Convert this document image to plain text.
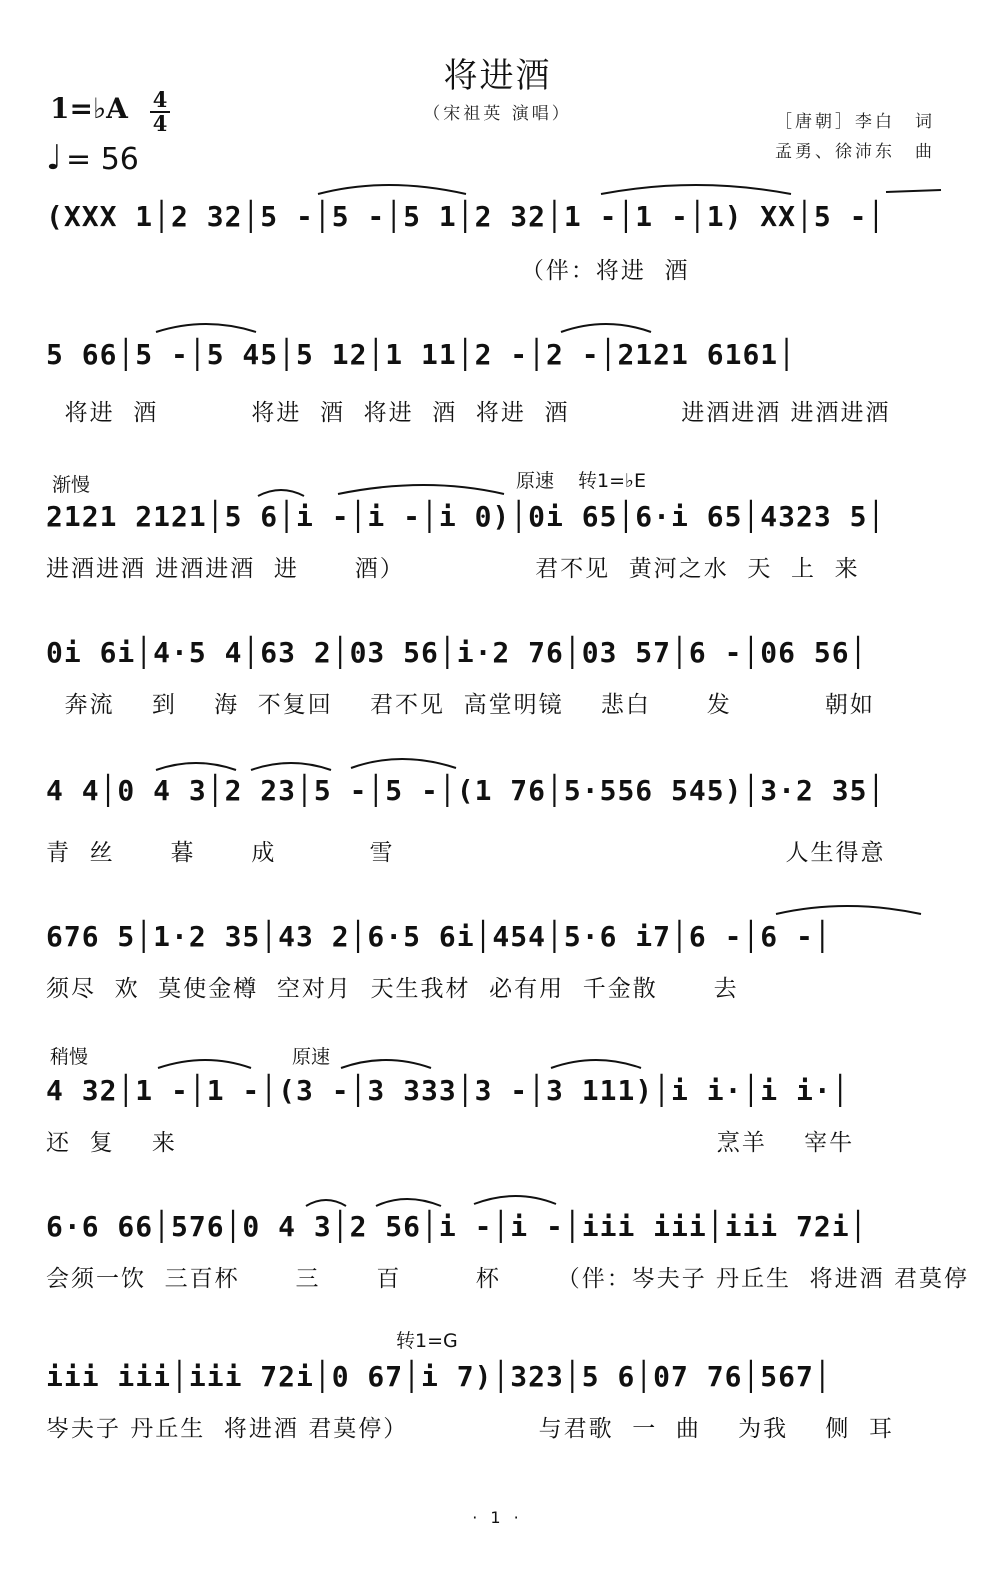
将进酒
（宋祖英 演唱）	［唐朝］李白　词
孟勇、徐沛东　曲
1=♭A 4
4
♩ = 56
(XXX 1│2 32│5 -│5 -│5 1│2 32│1 -│1 -│1) XX│5 -│
（伴：将进  酒
5 66│5 -│5 45│5 12│1 11│2 -│2 -│2121 6161│
将进  酒          将进  酒  将进  酒  将进  酒            进酒进酒 进酒进酒
渐慢	原速 转1=♭E
2121 2121│5 6│i -│i -│i 0)│0i 65│6·i 65│4323 5│
进酒进酒 进酒进酒  进      酒）              君不见  黄河之水  天  上  来
0i 6i│4·5 4│63 2│03 56│i·2 76│03 57│6 -│06 56│
奔流    到    海  不复回    君不见  高堂明镜    悲白      发          朝如
4 4│0 4 3│2 23│5 -│5 -│(1 76│5·556 545)│3·2 35│
青  丝      暮      成          雪                                          人生得意
676 5│1·2 35│43 2│6·5 6i│454│5·6 i7│6 -│6 -│
须尽  欢  莫使金樽  空对月  天生我材  必有用  千金散      去
稍慢	原速
4 32│1 -│1 -│(3 -│3 333│3 -│3 111)│i i·│i i·│
还  复    来                                                          烹羊    宰牛
6·6 66│576│0 4 3│2 56│i -│i -│iii iii│iii 72i│
会须一饮  三百杯      三      百        杯      （伴：岑夫子 丹丘生  将进酒 君莫停
转1=G
iii iii│iii 72i│0 67│i 7)│323│5 6│07 76│567│
岑夫子 丹丘生  将进酒 君莫停）              与君歌  一  曲    为我    侧  耳
· 1 ·
